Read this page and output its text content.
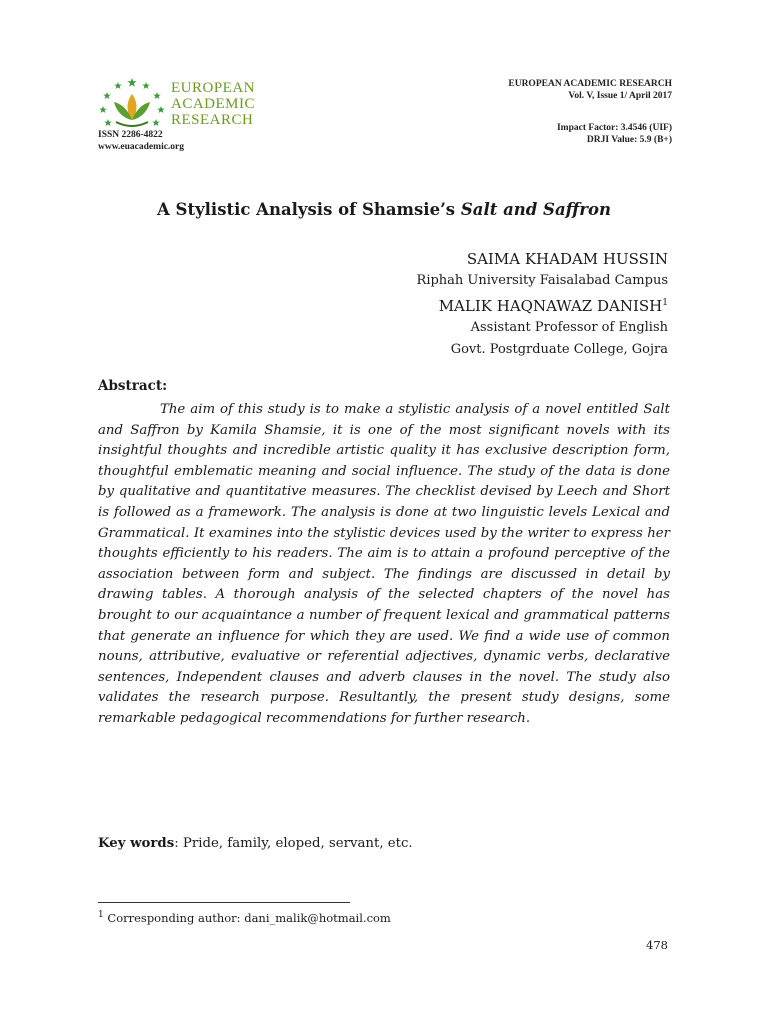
EUROPEAN
ACADEMIC
RESEARCH
ISSN 2286-4822
www.euacademic.org
EUROPEAN ACADEMIC RESEARCH
Vol. V, Issue 1/ April 2017
Impact Factor: 3.4546 (UIF)
DRJI Value: 5.9 (B+)
A Stylistic Analysis of Shamsie’s Salt and Saffron
SAIMA KHADAM HUSSIN
Riphah University Faisalabad Campus
MALIK HAQNAWAZ DANISH$^1$
Assistant Professor of English
Govt. Postgrduate College, Gojra
Abstract:
The aim of this study is to make a stylistic analysis of a novel entitled Salt and Saffron by Kamila Shamsie, it is one of the most significant novels with its insightful thoughts and incredible artistic quality it has exclusive description form, thoughtful emblematic meaning and social influence. The study of the data is done by qualitative and quantitative measures. The checklist devised by Leech and Short is followed as a framework. The analysis is done at two linguistic levels Lexical and Grammatical. It examines into the stylistic devices used by the writer to express her thoughts efficiently to his readers. The aim is to attain a profound perceptive of the association between form and subject. The findings are discussed in detail by drawing tables. A thorough analysis of the selected chapters of the novel has brought to our acquaintance a number of frequent lexical and grammatical patterns that generate an influence for which they are used. We find a wide use of common nouns, attributive, evaluative or referential adjectives, dynamic verbs, declarative sentences, Independent clauses and adverb clauses in the novel. The study also validates the research purpose. Resultantly, the present study designs, some remarkable pedagogical recommendations for further research.
Key words: Pride, family, eloped, servant, etc.
$^1$ Corresponding author: dani_malik@hotmail.com
478
